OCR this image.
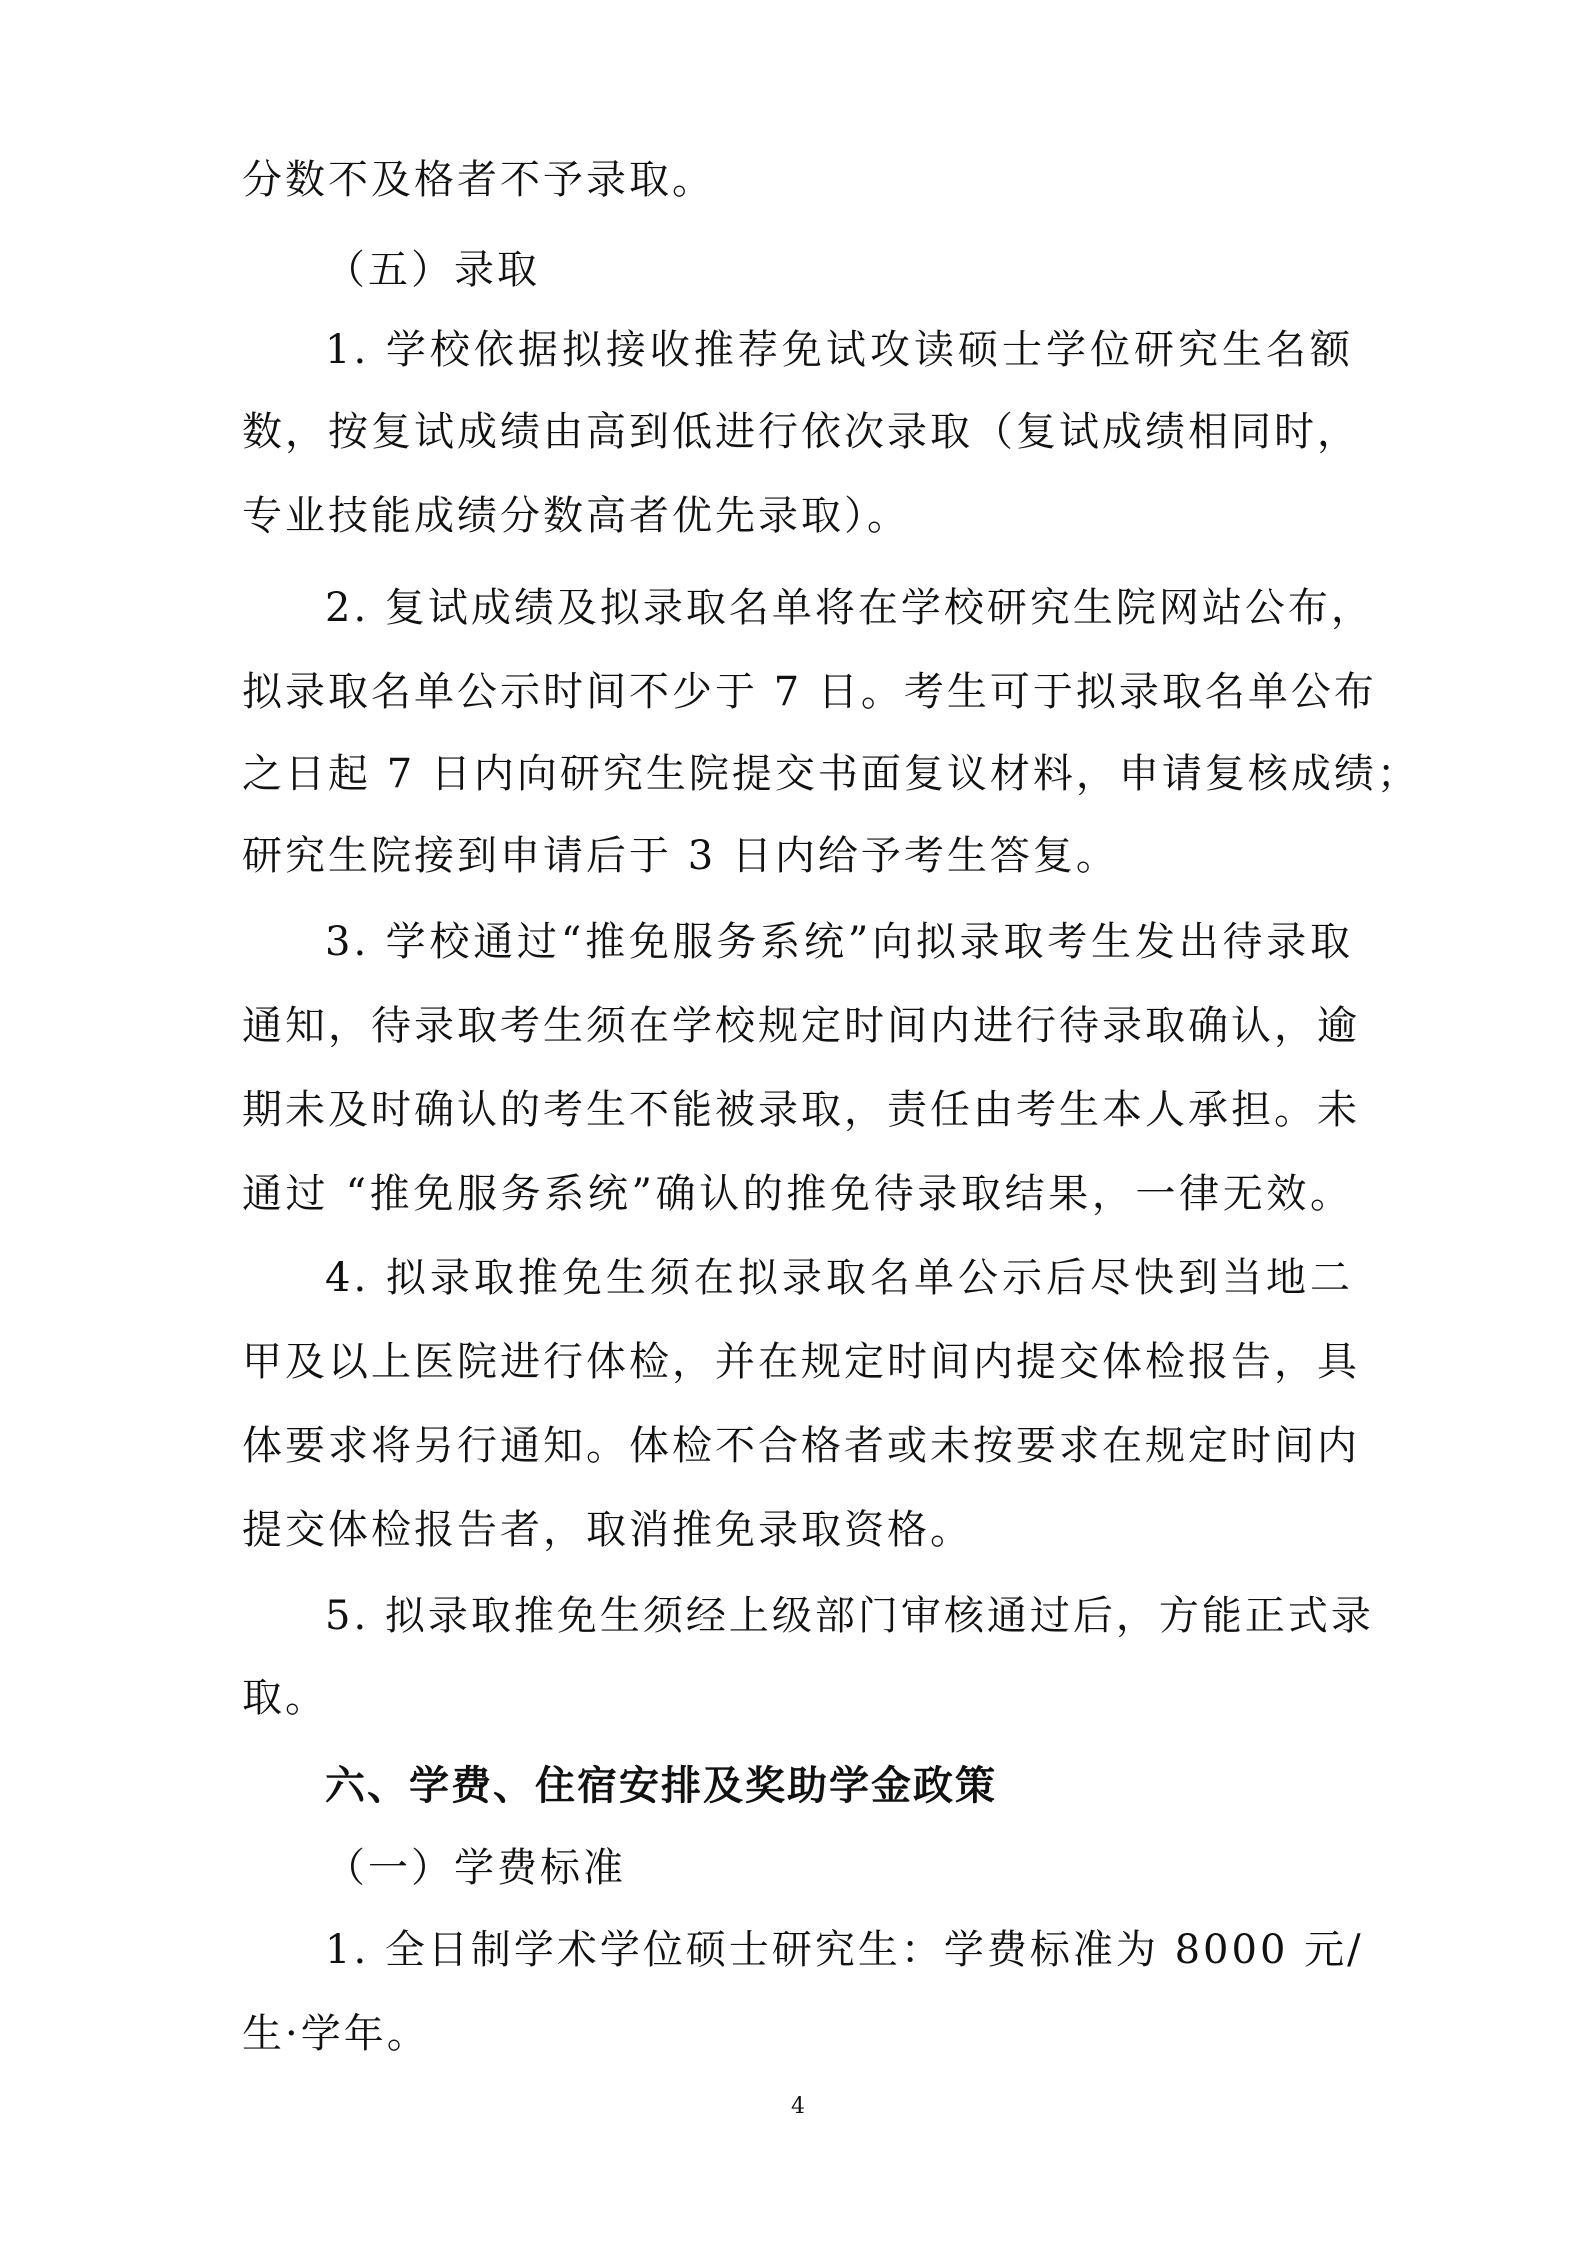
分数不及格者不予录取。
（五）录取
1. 学校依据拟接收推荐免试攻读硕士学位研究生名额
数，按复试成绩由高到低进行依次录取（复试成绩相同时，
专业技能成绩分数高者优先录取）。
2. 复试成绩及拟录取名单将在学校研究生院网站公布，
拟录取名单公示时间不少于 7 日。考生可于拟录取名单公布
之日起 7 日内向研究生院提交书面复议材料，申请复核成绩；
研究生院接到申请后于 3 日内给予考生答复。
3. 学校通过“推免服务系统”向拟录取考生发出待录取
通知，待录取考生须在学校规定时间内进行待录取确认，逾
期未及时确认的考生不能被录取，责任由考生本人承担。未
通过 “推免服务系统”确认的推免待录取结果，一律无效。
4. 拟录取推免生须在拟录取名单公示后尽快到当地二
甲及以上医院进行体检，并在规定时间内提交体检报告，具
体要求将另行通知。体检不合格者或未按要求在规定时间内
提交体检报告者，取消推免录取资格。
5. 拟录取推免生须经上级部门审核通过后，方能正式录
取。
六、学费、住宿安排及奖助学金政策
（一）学费标准
1. 全日制学术学位硕士研究生：学费标准为 8000 元/
生·学年。
4
